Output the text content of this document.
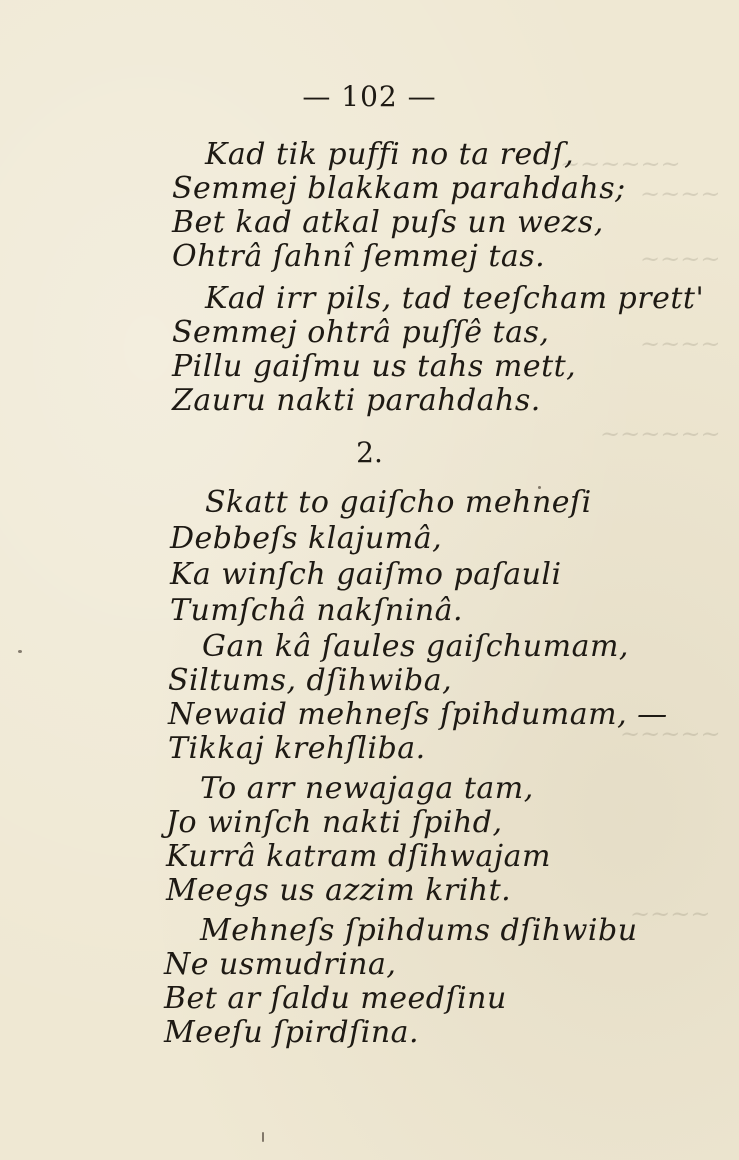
~~~~~~
~~~~
~~~~
~~~~
~~~~~~
~~~~~
~~~~
— 102 —
Kad tik puffi no ta redſ,
Semmej blakkam parahdahs;
Bet kad atkal puſs un wezs,
Ohtrâ ſahnî ſemmej tas.
Kad irr pils, tad teeſcham prett'
Semmej ohtrâ puſſê tas,
Pillu gaiſmu us tahs mett,
Zauru nakti parahdahs.
2.
Skatt to gaiſcho mehneſi
Debbeſs klajumâ,
Ka winſch gaiſmo paſauli
Tumſchâ nakſninâ.
Gan kâ ſaules gaiſchumam,
Siltums, dſihwiba,
Newaid mehneſs ſpihdumam, —
Tikkaj krehſliba.
To arr newajaga tam,
Jo winſch nakti ſpihd,
Kurrâ katram dſihwajam
Meegs us azzim kriht.
Mehneſs ſpihdums dſihwibu
Ne usmudrina,
Bet ar ſaldu meedſinu
Meeſu ſpirdſina.
